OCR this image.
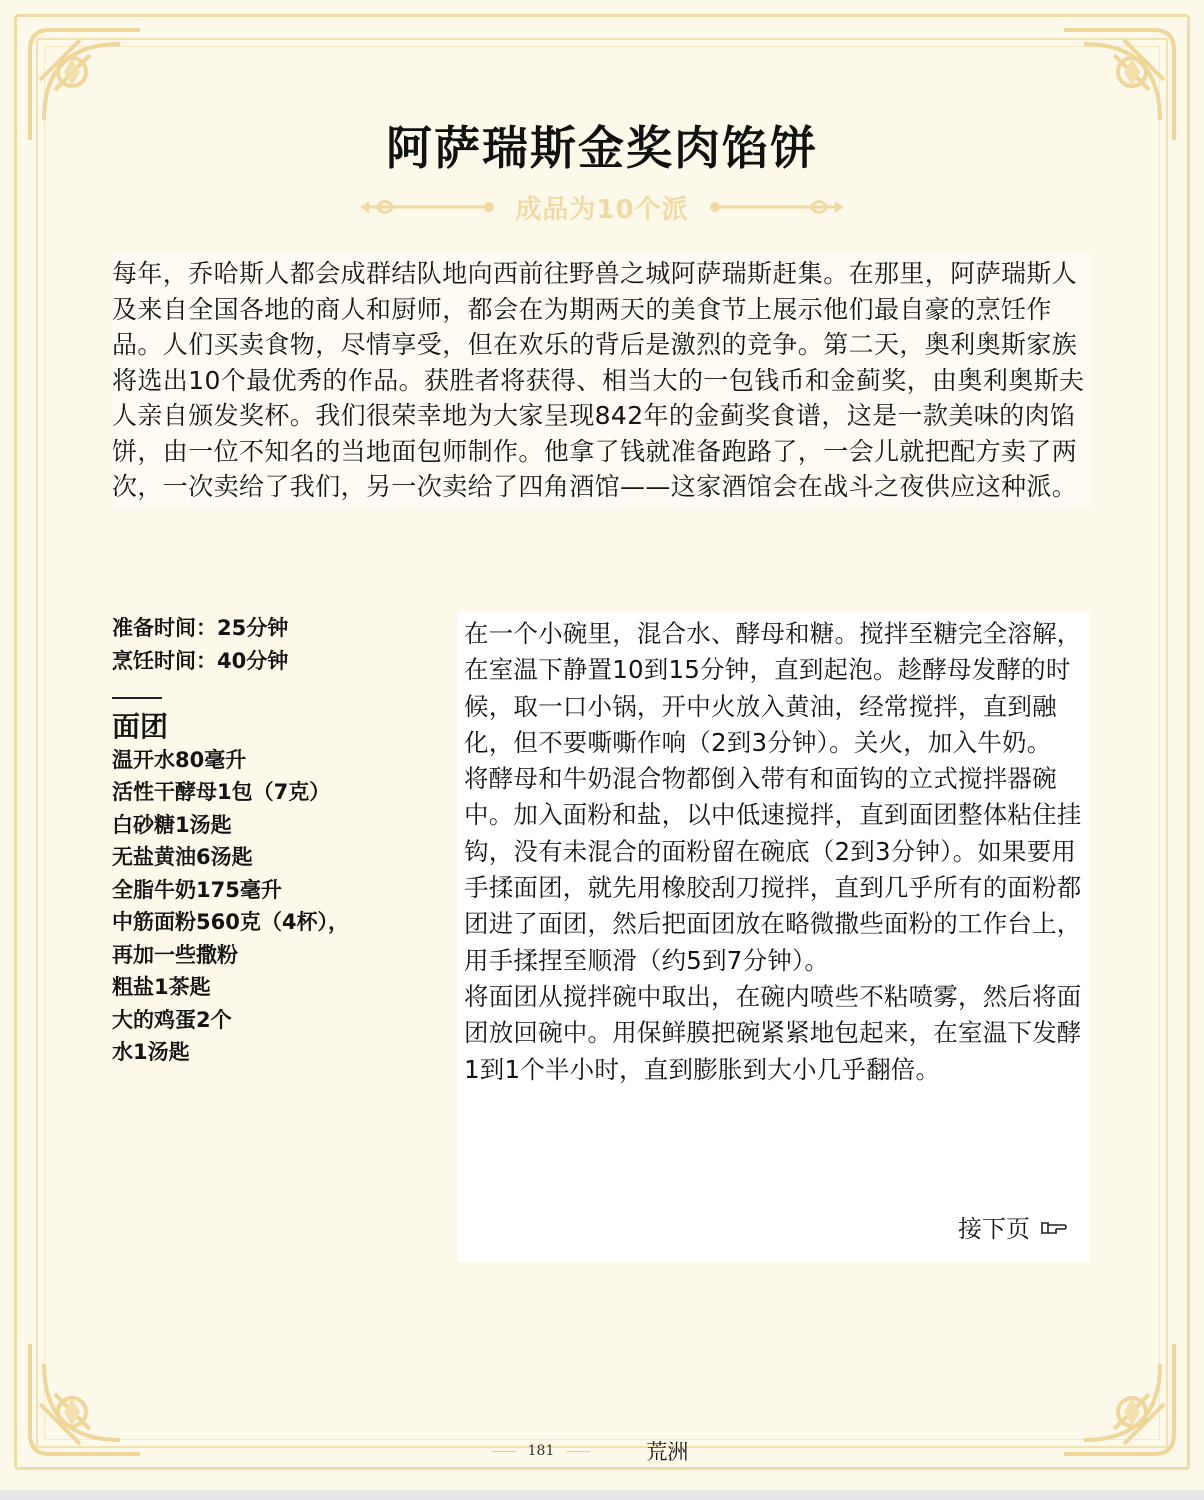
阿萨瑞斯金奖肉馅饼
成品为10个派

每年，乔哈斯人都会成群结队地向西前往野兽之城阿萨瑞斯赶集。在那里，阿萨瑞斯人及来自全国各地的商人和厨师，都会在为期两天的美食节上展示他们最自豪的烹饪作品。人们买卖食物，尽情享受，但在欢乐的背后是激烈的竞争。第二天，奥利奥斯家族将选出10个最优秀的作品。获胜者将获得、相当大的一包钱币和金蓟奖，由奥利奥斯夫人亲自颁发奖杯。我们很荣幸地为大家呈现842年的金蓟奖食谱，这是一款美味的肉馅饼，由一位不知名的当地面包师制作。他拿了钱就准备跑路了，一会儿就把配方卖了两次，一次卖给了我们，另一次卖给了四角酒馆——这家酒馆会在战斗之夜供应这种派。

准备时间：25分钟
烹饪时间：40分钟
面团
温开水80毫升
活性干酵母1包（7克）
白砂糖1汤匙
无盐黄油6汤匙
全脂牛奶175毫升
中筋面粉560克（4杯），再加一些撒粉
粗盐1茶匙
大的鸡蛋2个
水1汤匙

在一个小碗里，混合水、酵母和糖。搅拌至糖完全溶解，在室温下静置10到15分钟，直到起泡。趁酵母发酵的时候，取一口小锅，开中火放入黄油，经常搅拌，直到融化，但不要嘶嘶作响（2到3分钟）。关火，加入牛奶。

将酵母和牛奶混合物都倒入带有和面钩的立式搅拌器碗中。加入面粉和盐，以中低速搅拌，直到面团整体粘住挂钩，没有未混合的面粉留在碗底（2到3分钟）。如果要用手揉面团，就先用橡胶刮刀搅拌，直到几乎所有的面粉都团进了面团，然后把面团放在略微撒些面粉的工作台上，用手揉捏至顺滑（约5到7分钟）。

将面团从搅拌碗中取出，在碗内喷些不粘喷雾，然后将面团放回碗中。用保鲜膜把碗紧紧地包起来，在室温下发酵1到1个半小时，直到膨胀到大小几乎翻倍。

接下页
181	荒洲
